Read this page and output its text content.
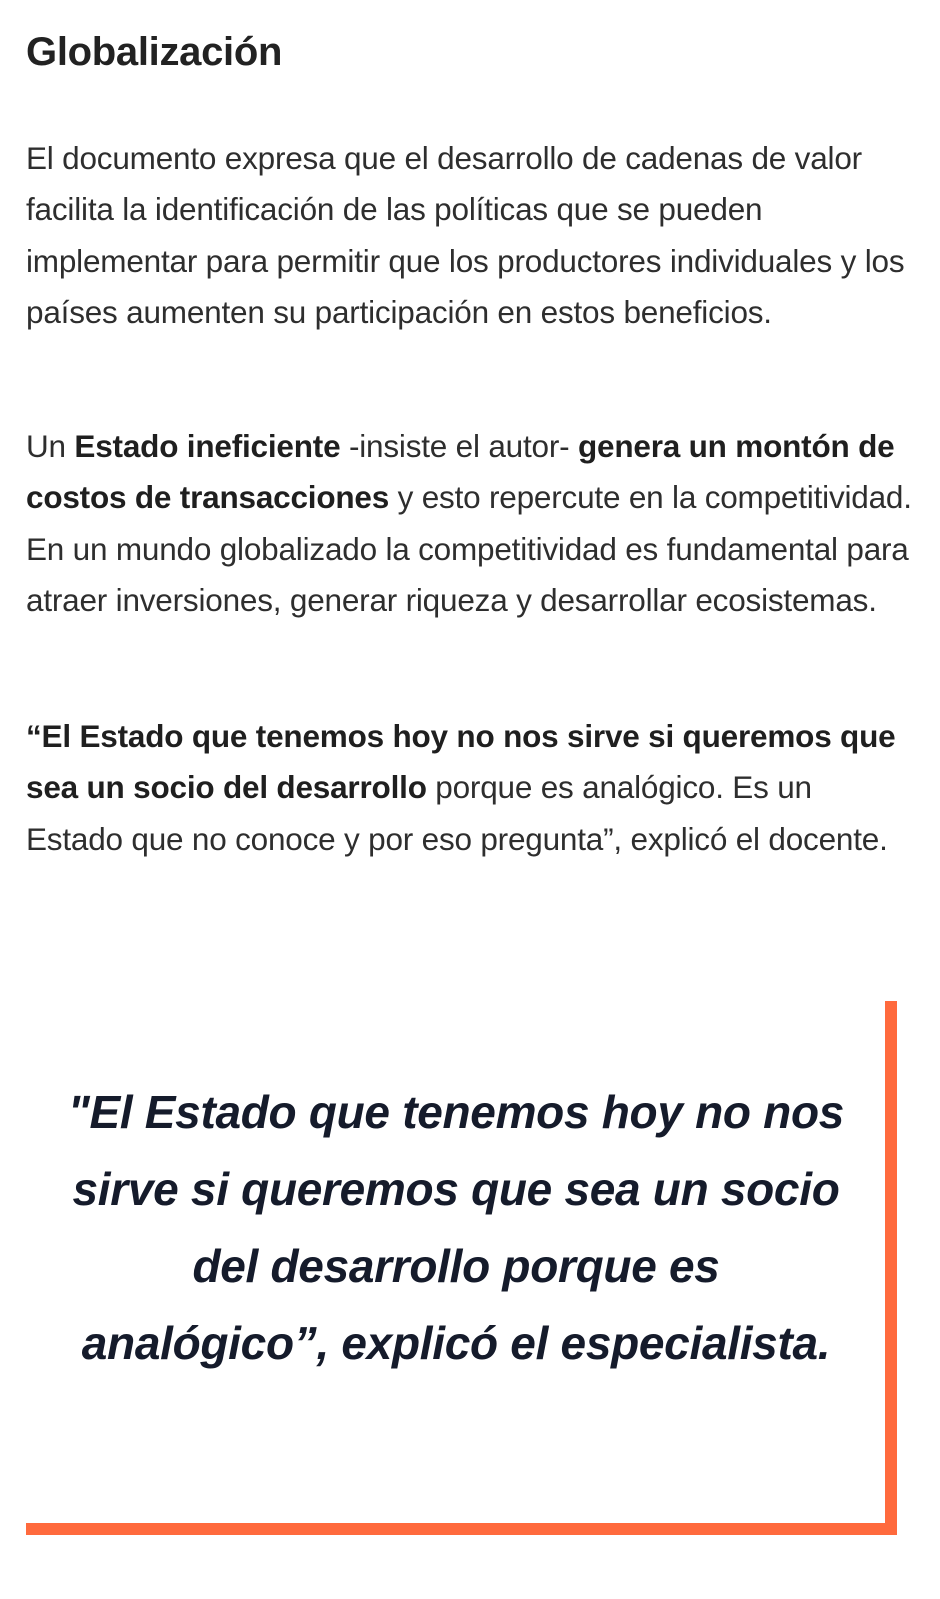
Globalización

El documento expresa que el desarrollo de cadenas de valor facilita la identificación de las políticas que se pueden implementar para permitir que los productores individuales y los países aumenten su participación en estos beneficios.

Un Estado ineficiente -insiste el autor- genera un montón de costos de transacciones y esto repercute en la competitividad. En un mundo globalizado la competitividad es fundamental para atraer inversiones, generar riqueza y desarrollar ecosistemas.

“El Estado que tenemos hoy no nos sirve si queremos que sea un socio del desarrollo porque es analógico. Es un Estado que no conoce y por eso pregunta”, explicó el docente.

"El Estado que tenemos hoy no nos sirve si queremos que sea un socio del desarrollo porque es analógico”, explicó el especialista.
